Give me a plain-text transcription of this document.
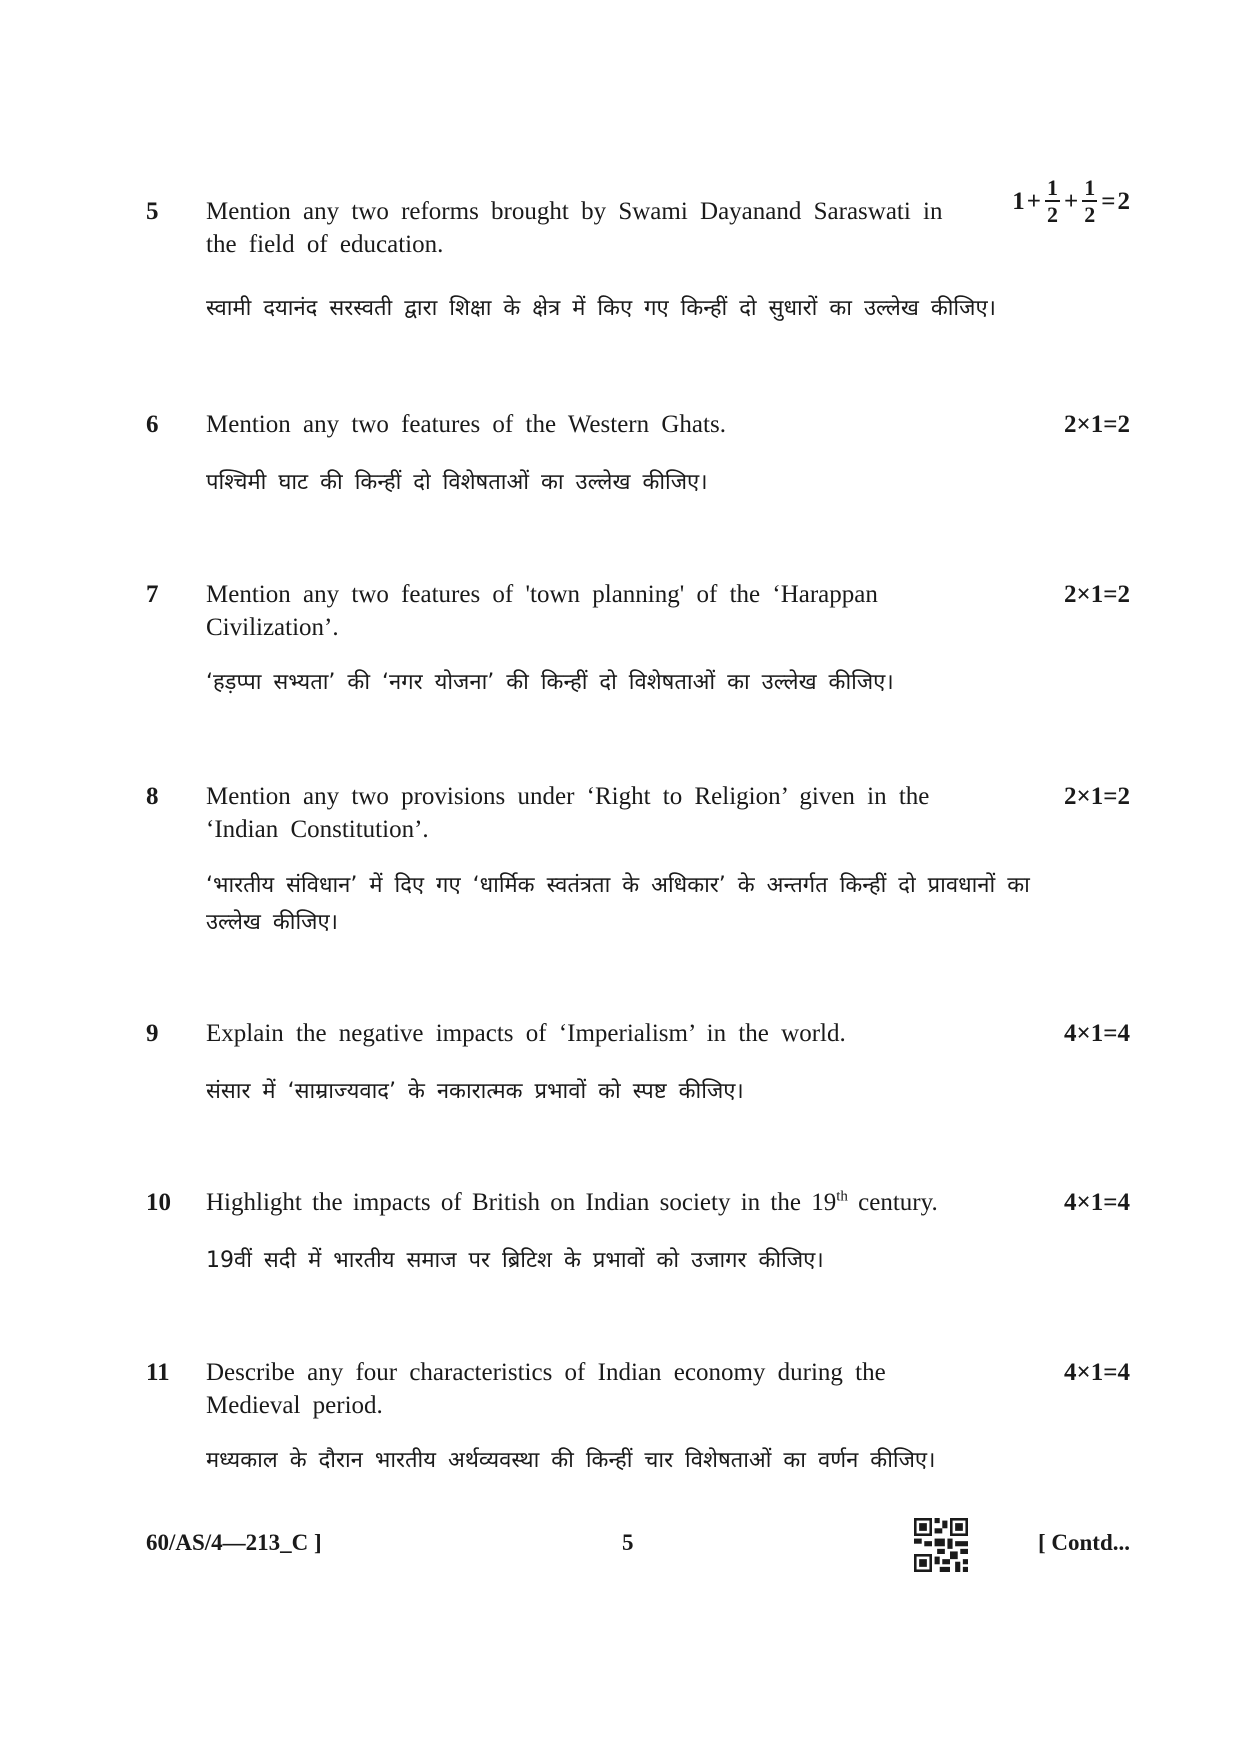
5	Mention any two reforms brought by Swami Dayanand Saraswati in the field of education.
स्वामी दयानंद सरस्वती द्वारा शिक्षा के क्षेत्र में किए गए किन्हीं दो सुधारों का उल्लेख कीजिए।
$1 + \frac{1}{2} + \frac{1}{2} = 2$
6	Mention any two features of the Western Ghats.
पश्चिमी घाट की किन्हीं दो विशेषताओं का उल्लेख कीजिए।
2×1=2
7	Mention any two features of 'town planning' of the ‘Harappan Civilization’.
‘हड़प्पा सभ्यता’ की ‘नगर योजना’ की किन्हीं दो विशेषताओं का उल्लेख कीजिए।
2×1=2
8	Mention any two provisions under ‘Right to Religion’ given in the ‘Indian Constitution’.
‘भारतीय संविधान’ में दिए गए ‘धार्मिक स्वतंत्रता के अधिकार’ के अन्तर्गत किन्हीं दो प्रावधानों का उल्लेख कीजिए।
2×1=2
9	Explain the negative impacts of ‘Imperialism’ in the world.
संसार में ‘साम्राज्यवाद’ के नकारात्मक प्रभावों को स्पष्ट कीजिए।
4×1=4
10	Highlight the impacts of British on Indian society in the 19th century.
19वीं सदी में भारतीय समाज पर ब्रिटिश के प्रभावों को उजागर कीजिए।
4×1=4
11	Describe any four characteristics of Indian economy during the Medieval period.
मध्यकाल के दौरान भारतीय अर्थव्यवस्था की किन्हीं चार विशेषताओं का वर्णन कीजिए।
4×1=4
60/AS/4—213_C ]	5	[ Contd...
